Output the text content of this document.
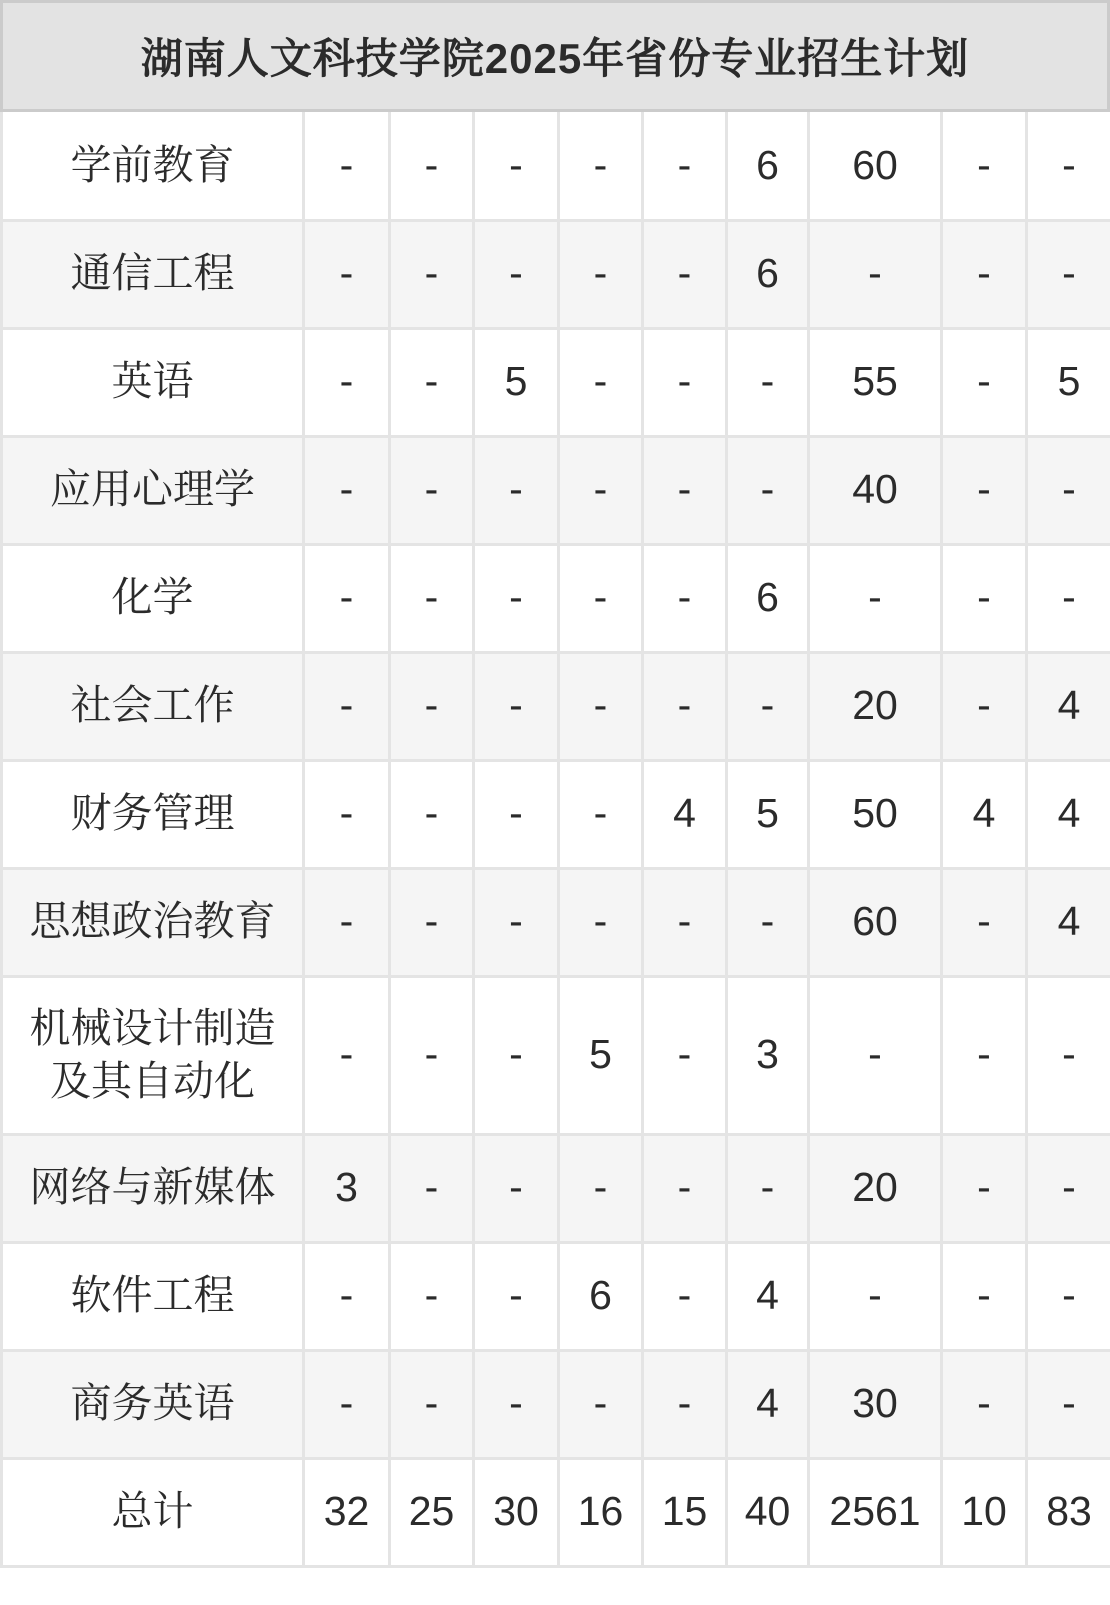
湖南人文科技学院2025年省份专业招生计划
学前教育	-	-	-	-	-	6	60	-	-
通信工程	-	-	-	-	-	6	-	-	-
英语	-	-	5	-	-	-	55	-	5
应用心理学	-	-	-	-	-	-	40	-	-
化学	-	-	-	-	-	6	-	-	-
社会工作	-	-	-	-	-	-	20	-	4
财务管理	-	-	-	-	4	5	50	4	4
思想政治教育	-	-	-	-	-	-	60	-	4
机械设计制造及其自动化	-	-	-	5	-	3	-	-	-
网络与新媒体	3	-	-	-	-	-	20	-	-
软件工程	-	-	-	6	-	4	-	-	-
商务英语	-	-	-	-	-	4	30	-	-
总计	32	25	30	16	15	40	2561	10	83
